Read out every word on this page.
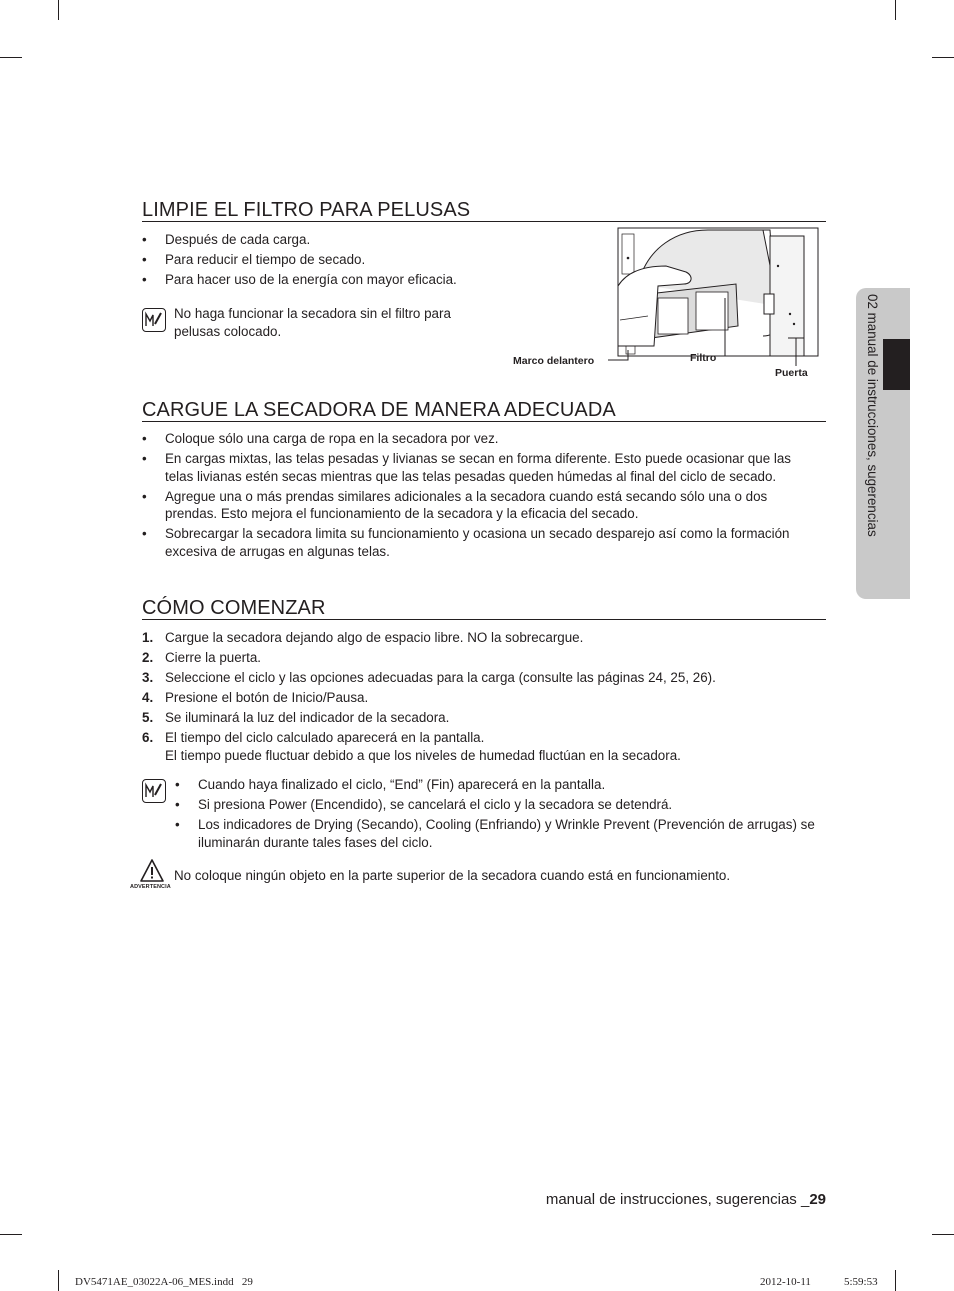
02 manual de instrucciones, sugerencias
LIMPIE EL FILTRO PARA PELUSAS
• Después de cada carga.
• Para reducir el tiempo de secado.
• Para hacer uso de la energía con mayor eficacia.
No haga funcionar la secadora sin el filtro para pelusas colocado.
Marco delantero	Filtro
Puerta
CARGUE LA SECADORA DE MANERA ADECUADA
• Coloque sólo una carga de ropa en la secadora por vez.
• En cargas mixtas, las telas pesadas y livianas se secan en forma diferente. Esto puede ocasionar que las telas livianas estén secas mientras que las telas pesadas queden húmedas al final del ciclo de secado.
• Agregue una o más prendas similares adicionales a la secadora cuando está secando sólo una o dos prendas. Esto mejora el funcionamiento de la secadora y la eficacia del secado.
• Sobrecargar la secadora limita su funcionamiento y ocasiona un secado desparejo así como la formación excesiva de arrugas en algunas telas.
CÓMO COMENZAR
1. Cargue la secadora dejando algo de espacio libre. NO la sobrecargue.
2. Cierre la puerta.
3. Seleccione el ciclo y las opciones adecuadas para la carga (consulte las páginas 24, 25, 26).
4. Presione el botón de Inicio/Pausa.
5. Se iluminará la luz del indicador de la secadora.
6. El tiempo del ciclo calculado aparecerá en la pantalla.
El tiempo puede fluctuar debido a que los niveles de humedad fluctúan en la secadora.
• Cuando haya finalizado el ciclo, “End” (Fin) aparecerá en la pantalla.
• Si presiona Power (Encendido), se cancelará el ciclo y la secadora se detendrá.
• Los indicadores de Drying (Secando), Cooling (Enfriando) y Wrinkle Prevent (Prevención de arrugas) se iluminarán durante tales fases del ciclo.
ADVERTENCIA
No coloque ningún objeto en la parte superior de la secadora cuando está en funcionamiento.
manual de instrucciones, sugerencias _29
DV5471AE_03022A-06_MES.indd   29	2012-10-11	5:59:53
